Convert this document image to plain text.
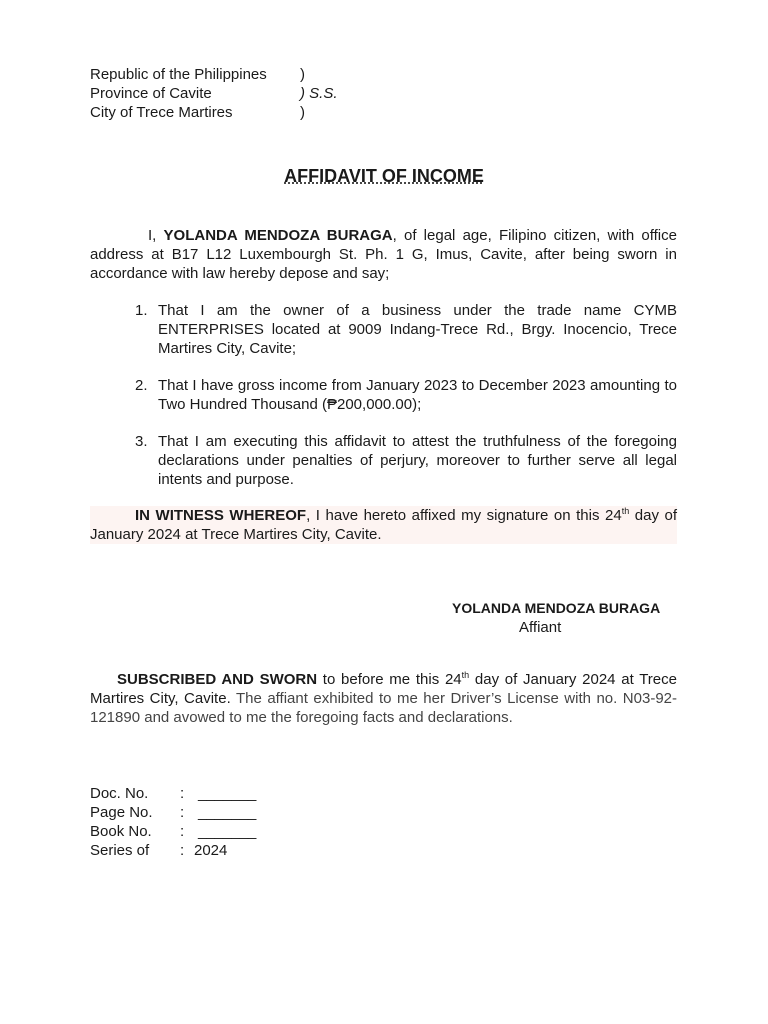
Republic of the Philippines	)
Province of Cavite	) S.S.
City of Trece Martires	)
AFFIDAVIT OF INCOME
I, YOLANDA MENDOZA BURAGA, of legal age, Filipino citizen, with office address at B17 L12 Luxembourgh St. Ph. 1 G, Imus, Cavite, after being sworn in accordance with law hereby depose and say;
1. That I am the owner of a business under the trade name CYMB ENTERPRISES located at 9009 Indang-Trece Rd., Brgy. Inocencio, Trece Martires City, Cavite;
2. That I have gross income from January 2023 to December 2023 amounting to Two Hundred Thousand (₱200,000.00);
3. That I am executing this affidavit to attest the truthfulness of the foregoing declarations under penalties of perjury, moreover to further serve all legal intents and purpose.
IN WITNESS WHEREOF, I have hereto affixed my signature on this 24th day of January 2024 at Trece Martires City, Cavite.
YOLANDA MENDOZA BURAGA
Affiant
SUBSCRIBED AND SWORN to before me this 24th day of January 2024 at Trece Martires City, Cavite. The affiant exhibited to me her Driver’s License with no. N03-92-121890 and avowed to me the foregoing facts and declarations.
Doc. No.	: _______
Page No.	: _______
Book No.	: _______
Series of	: 2024
